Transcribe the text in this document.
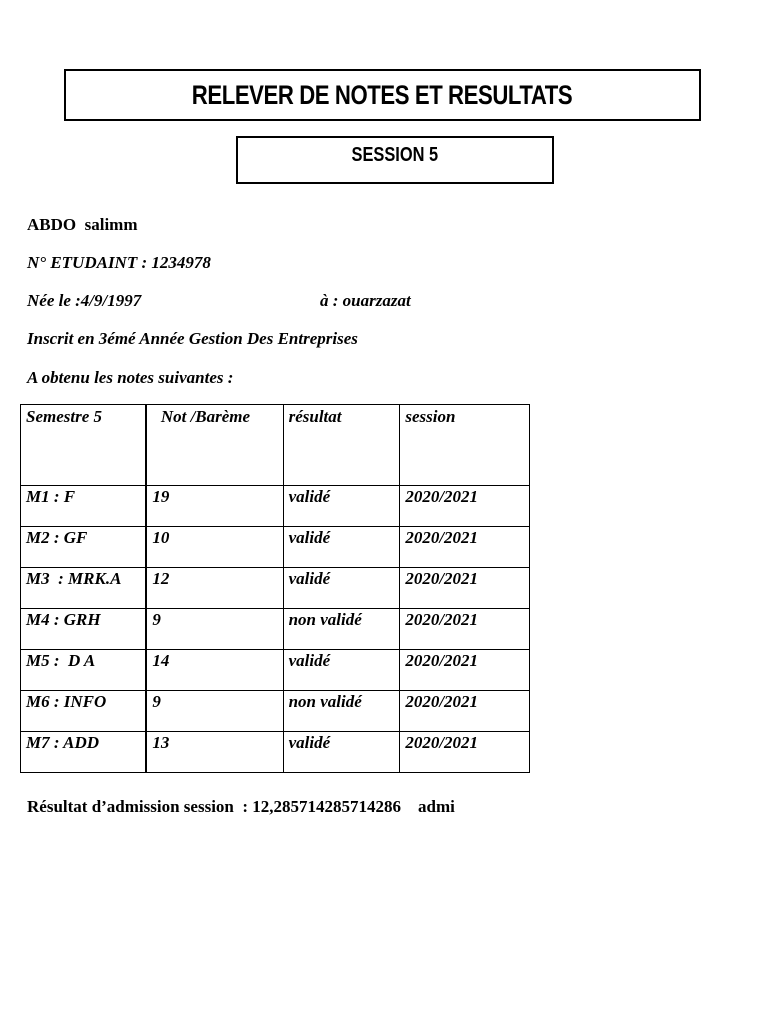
RELEVER DE NOTES ET RESULTATS
SESSION 5
ABDO  salimm
N° ETUDAINT : 1234978
Née le :4/9/1997	à : ouarzazat
Inscrit en 3émé Année Gestion Des Entreprises
A obtenu les notes suivantes :
Semestre 5	Not /Barème	résultat	session
M1 : F	19	validé	2020/2021
M2 : GF	10	validé	2020/2021
M3  : MRK.A	12	validé	2020/2021
M4 : GRH	9	non validé	2020/2021
M5 :  D A	14	validé	2020/2021
M6 : INFO	9	non validé	2020/2021
M7 : ADD	13	validé	2020/2021
Résultat d’admission session  : 12,285714285714286    admi
